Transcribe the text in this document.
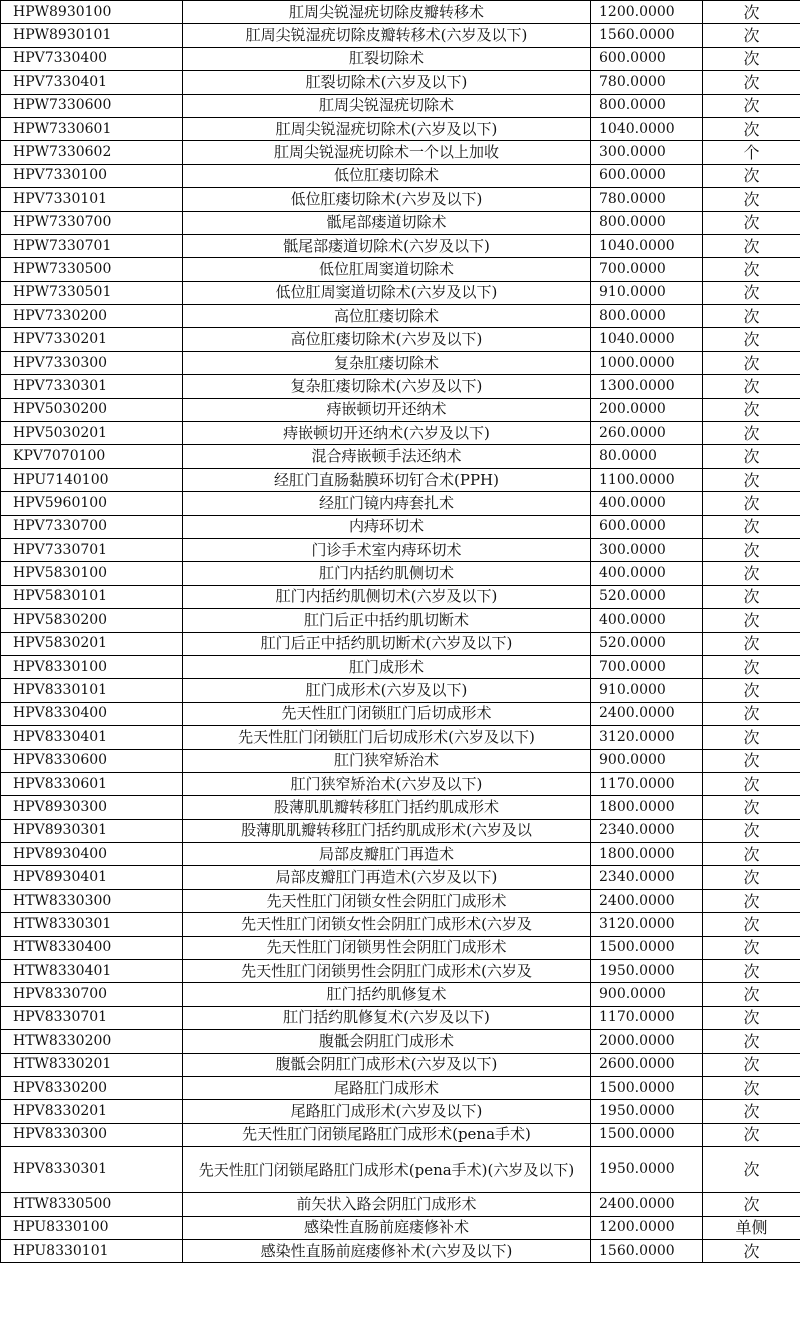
HPW8930100	肛周尖锐湿疣切除皮瓣转移术	1200.0000	次
HPW8930101	肛周尖锐湿疣切除皮瓣转移术(六岁及以下)	1560.0000	次
HPV7330400	肛裂切除术	600.0000	次
HPV7330401	肛裂切除术(六岁及以下)	780.0000	次
HPW7330600	肛周尖锐湿疣切除术	800.0000	次
HPW7330601	肛周尖锐湿疣切除术(六岁及以下)	1040.0000	次
HPW7330602	肛周尖锐湿疣切除术一个以上加收	300.0000	个
HPV7330100	低位肛瘘切除术	600.0000	次
HPV7330101	低位肛瘘切除术(六岁及以下)	780.0000	次
HPW7330700	骶尾部瘘道切除术	800.0000	次
HPW7330701	骶尾部瘘道切除术(六岁及以下)	1040.0000	次
HPW7330500	低位肛周窦道切除术	700.0000	次
HPW7330501	低位肛周窦道切除术(六岁及以下)	910.0000	次
HPV7330200	高位肛瘘切除术	800.0000	次
HPV7330201	高位肛瘘切除术(六岁及以下)	1040.0000	次
HPV7330300	复杂肛瘘切除术	1000.0000	次
HPV7330301	复杂肛瘘切除术(六岁及以下)	1300.0000	次
HPV5030200	痔嵌顿切开还纳术	200.0000	次
HPV5030201	痔嵌顿切开还纳术(六岁及以下)	260.0000	次
KPV7070100	混合痔嵌顿手法还纳术	80.0000	次
HPU7140100	经肛门直肠黏膜环切钉合术(PPH)	1100.0000	次
HPV5960100	经肛门镜内痔套扎术	400.0000	次
HPV7330700	内痔环切术	600.0000	次
HPV7330701	门诊手术室内痔环切术	300.0000	次
HPV5830100	肛门内括约肌侧切术	400.0000	次
HPV5830101	肛门内括约肌侧切术(六岁及以下)	520.0000	次
HPV5830200	肛门后正中括约肌切断术	400.0000	次
HPV5830201	肛门后正中括约肌切断术(六岁及以下)	520.0000	次
HPV8330100	肛门成形术	700.0000	次
HPV8330101	肛门成形术(六岁及以下)	910.0000	次
HPV8330400	先天性肛门闭锁肛门后切成形术	2400.0000	次
HPV8330401	先天性肛门闭锁肛门后切成形术(六岁及以下)	3120.0000	次
HPV8330600	肛门狭窄矫治术	900.0000	次
HPV8330601	肛门狭窄矫治术(六岁及以下)	1170.0000	次
HPV8930300	股薄肌肌瓣转移肛门括约肌成形术	1800.0000	次
HPV8930301	股薄肌肌瓣转移肛门括约肌成形术(六岁及以	2340.0000	次
HPV8930400	局部皮瓣肛门再造术	1800.0000	次
HPV8930401	局部皮瓣肛门再造术(六岁及以下)	2340.0000	次
HTW8330300	先天性肛门闭锁女性会阴肛门成形术	2400.0000	次
HTW8330301	先天性肛门闭锁女性会阴肛门成形术(六岁及	3120.0000	次
HTW8330400	先天性肛门闭锁男性会阴肛门成形术	1500.0000	次
HTW8330401	先天性肛门闭锁男性会阴肛门成形术(六岁及	1950.0000	次
HPV8330700	肛门括约肌修复术	900.0000	次
HPV8330701	肛门括约肌修复术(六岁及以下)	1170.0000	次
HTW8330200	腹骶会阴肛门成形术	2000.0000	次
HTW8330201	腹骶会阴肛门成形术(六岁及以下)	2600.0000	次
HPV8330200	尾路肛门成形术	1500.0000	次
HPV8330201	尾路肛门成形术(六岁及以下)	1950.0000	次
HPV8330300	先天性肛门闭锁尾路肛门成形术(pena手术)	1500.0000	次
HPV8330301	先天性肛门闭锁尾路肛门成形术(pena手术)(六岁及以下)	1950.0000	次
HTW8330500	前矢状入路会阴肛门成形术	2400.0000	次
HPU8330100	感染性直肠前庭瘘修补术	1200.0000	单侧
HPU8330101	感染性直肠前庭瘘修补术(六岁及以下)	1560.0000	次
